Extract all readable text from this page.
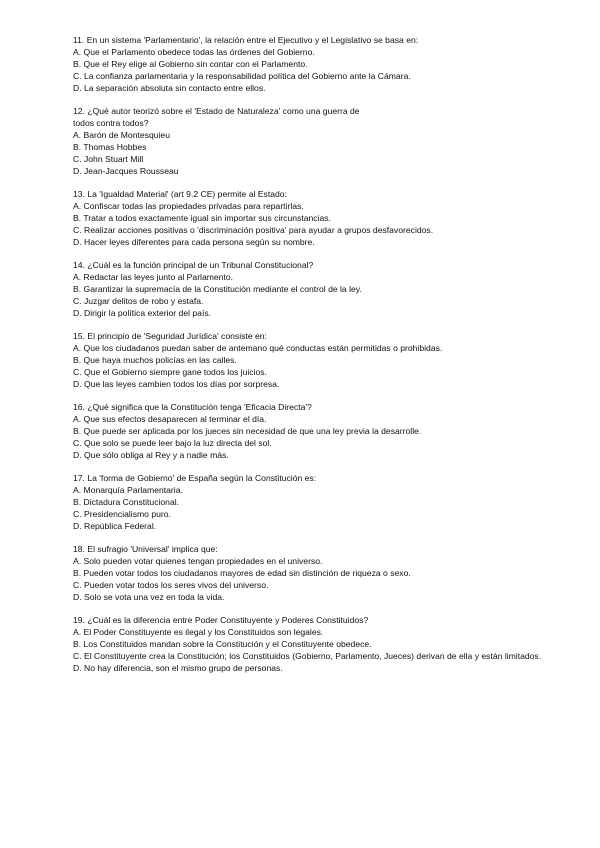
11. En un sistema 'Parlamentario', la relación entre el Ejecutivo y el Legislativo se basa en:
A. Que el Parlamento obedece todas las órdenes del Gobierno.
B. Que el Rey elige al Gobierno sin contar con el Parlamento.
C. La confianza parlamentaria y la responsabilidad política del Gobierno ante la Cámara.
D. La separación absoluta sin contacto entre ellos.
12. ¿Qué autor teorizó sobre el 'Estado de Naturaleza' como una guerra de
todos contra todos?
A. Barón de Montesquieu
B. Thomas Hobbes
C. John Stuart Mill
D. Jean-Jacques Rousseau
13. La 'Igualdad Material' (art 9.2 CE) permite al Estado:
A. Confiscar todas las propiedades privadas para repartirlas.
B. Tratar a todos exactamente igual sin importar sus circunstancias.
C. Realizar acciones positivas o 'discriminación positiva' para ayudar a grupos desfavorecidos.
D. Hacer leyes diferentes para cada persona según su nombre.
14. ¿Cuál es la función principal de un Tribunal Constitucional?
A. Redactar las leyes junto al Parlamento.
B. Garantizar la supremacía de la Constitución mediante el control de la ley.
C. Juzgar delitos de robo y estafa.
D. Dirigir la política exterior del país.
15. El principio de 'Seguridad Jurídica' consiste en:
A. Que los ciudadanos puedan saber de antemano qué conductas están permitidas o prohibidas.
B. Que haya muchos policías en las calles.
C. Que el Gobierno siempre gane todos los juicios.
D. Que las leyes cambien todos los días por sorpresa.
16. ¿Qué significa que la Constitución tenga 'Eficacia Directa'?
A. Que sus efectos desaparecen al terminar el día.
B. Que puede ser aplicada por los jueces sin necesidad de que una ley previa la desarrolle.
C. Que solo se puede leer bajo la luz directa del sol.
D. Que sólo obliga al Rey y a nadie más.
17. La 'forma de Gobierno' de España según la Constitución es:
A. Monarquía Parlamentaria.
B. Dictadura Constitucional.
C. Presidencialismo puro.
D. República Federal.
18. El sufragio 'Universal' implica que:
A. Solo pueden votar quienes tengan propiedades en el universo.
B. Pueden votar todos los ciudadanos mayores de edad sin distinción de riqueza o sexo.
C. Pueden votar todos los seres vivos del universo.
D. Solo se vota una vez en toda la vida.
19. ¿Cuál es la diferencia entre Poder Constituyente y Poderes Constituidos?
A. El Poder Constituyente es ilegal y los Constituidos son legales.
B. Los Constituidos mandan sobre la Constitución y el Constituyente obedece.
C. El Constituyente crea la Constitución; los Constituidos (Gobierno, Parlamento, Jueces) derivan de ella y están limitados.
D. No hay diferencia, son el mismo grupo de personas.
